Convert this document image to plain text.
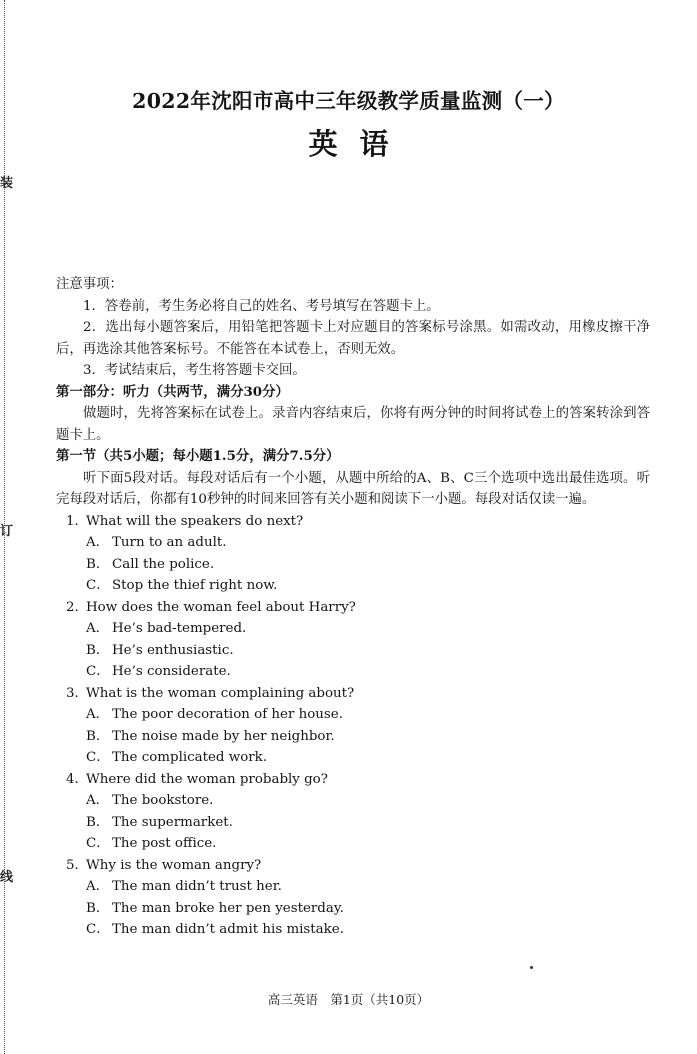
装
订
线
2022年沈阳市高中三年级教学质量监测（一）
英语
注意事项：
1．答卷前，考生务必将自己的姓名、考号填写在答题卡上。
2．选出每小题答案后，用铅笔把答题卡上对应题目的答案标号涂黑。如需改动，用橡皮擦干净后，再选涂其他答案标号。不能答在本试卷上，否则无效。
3．考试结束后，考生将答题卡交回。
第一部分：听力（共两节，满分30分）
做题时，先将答案标在试卷上。录音内容结束后，你将有两分钟的时间将试卷上的答案转涂到答题卡上。
第一节（共5小题；每小题1.5分，满分7.5分）
听下面5段对话。每段对话后有一个小题，从题中所给的A、B、C三个选项中选出最佳选项。听完每段对话后，你都有10秒钟的时间来回答有关小题和阅读下一小题。每段对话仅读一遍。
1．What will the speakers do next?
A． Turn to an adult.
B． Call the police.
C． Stop the thief right now.
2．How does the woman feel about Harry?
A． He’s bad-tempered.
B． He’s enthusiastic.
C． He’s considerate.
3．What is the woman complaining about?
A． The poor decoration of her house.
B． The noise made by her neighbor.
C． The complicated work.
4．Where did the woman probably go?
A． The bookstore.
B． The supermarket.
C． The post office.
5．Why is the woman angry?
A． The man didn’t trust her.
B． The man broke her pen yesterday.
C． The man didn’t admit his mistake.
高三英语　第1页（共10页）
